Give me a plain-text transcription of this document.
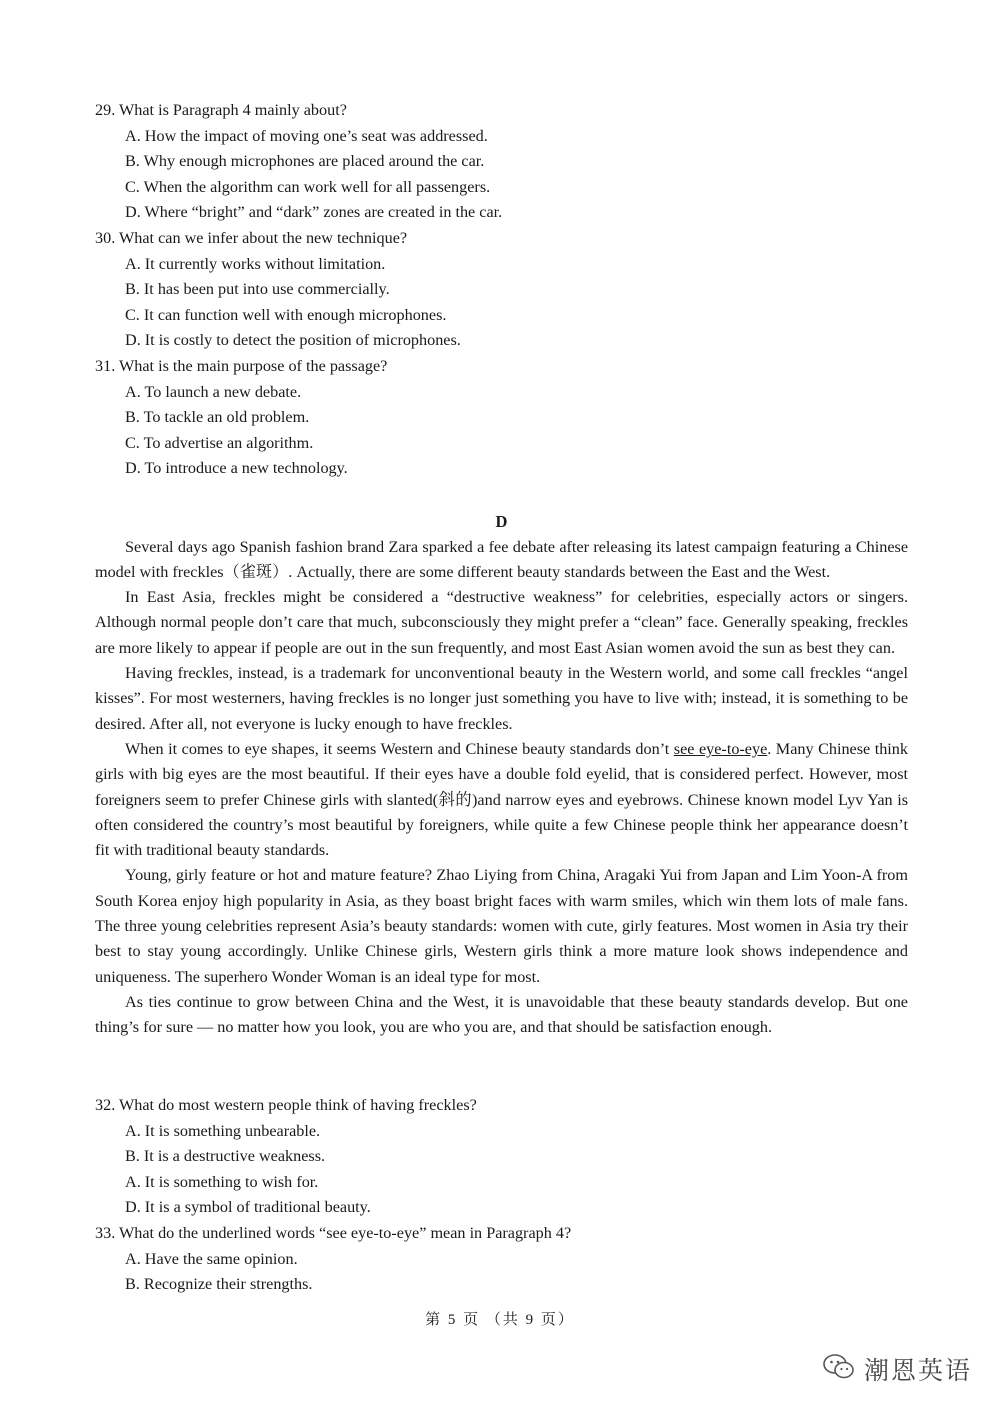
29. What is Paragraph 4 mainly about?
A. How the impact of moving one’s seat was addressed.
B. Why enough microphones are placed around the car.
C. When the algorithm can work well for all passengers.
D. Where “bright” and “dark” zones are created in the car.
30. What can we infer about the new technique?
A. It currently works without limitation.
B. It has been put into use commercially.
C. It can function well with enough microphones.
D. It is costly to detect the position of microphones.
31. What is the main purpose of the passage?
A. To launch a new debate.
B. To tackle an old problem.
C. To advertise an algorithm.
D. To introduce a new technology.
D

Several days ago Spanish fashion brand Zara sparked a fee debate after releasing its latest campaign featuring a Chinese model with freckles（雀斑）. Actually, there are some different beauty standards between the East and the West.

In East Asia, freckles might be considered a “destructive weakness” for celebrities, especially actors or singers. Although normal people don’t care that much, subconsciously they might prefer a “clean” face. Generally speaking, freckles are more likely to appear if people are out in the sun frequently, and most East Asian women avoid the sun as best they can.

Having freckles, instead, is a trademark for unconventional beauty in the Western world, and some call freckles “angel kisses”. For most westerners, having freckles is no longer just something you have to live with; instead, it is something to be desired. After all, not everyone is lucky enough to have freckles.

When it comes to eye shapes, it seems Western and Chinese beauty standards don’t see eye-to-eye. Many Chinese think girls with big eyes are the most beautiful. If their eyes have a double fold eyelid, that is considered perfect. However, most foreigners seem to prefer Chinese girls with slanted(斜的)and narrow eyes and eyebrows. Chinese known model Lyv Yan is often considered the country’s most beautiful by foreigners, while quite a few Chinese people think her appearance doesn’t fit with traditional beauty standards.

Young, girly feature or hot and mature feature? Zhao Liying from China, Aragaki Yui from Japan and Lim Yoon-A from South Korea enjoy high popularity in Asia, as they boast bright faces with warm smiles, which win them lots of male fans. The three young celebrities represent Asia’s beauty standards: women with cute, girly features. Most women in Asia try their best to stay young accordingly. Unlike Chinese girls, Western girls think a more mature look shows independence and uniqueness. The superhero Wonder Woman is an ideal type for most.

As ties continue to grow between China and the West, it is unavoidable that these beauty standards develop. But one thing’s for sure — no matter how you look, you are who you are, and that should be satisfaction enough.

32. What do most western people think of having freckles?
A. It is something unbearable.
B. It is a destructive weakness.
A. It is something to wish for.
D. It is a symbol of traditional beauty.
33. What do the underlined words “see eye-to-eye” mean in Paragraph 4?
A. Have the same opinion.
B. Recognize their strengths.
第 5 页 （共 9 页）
潮恩英语
